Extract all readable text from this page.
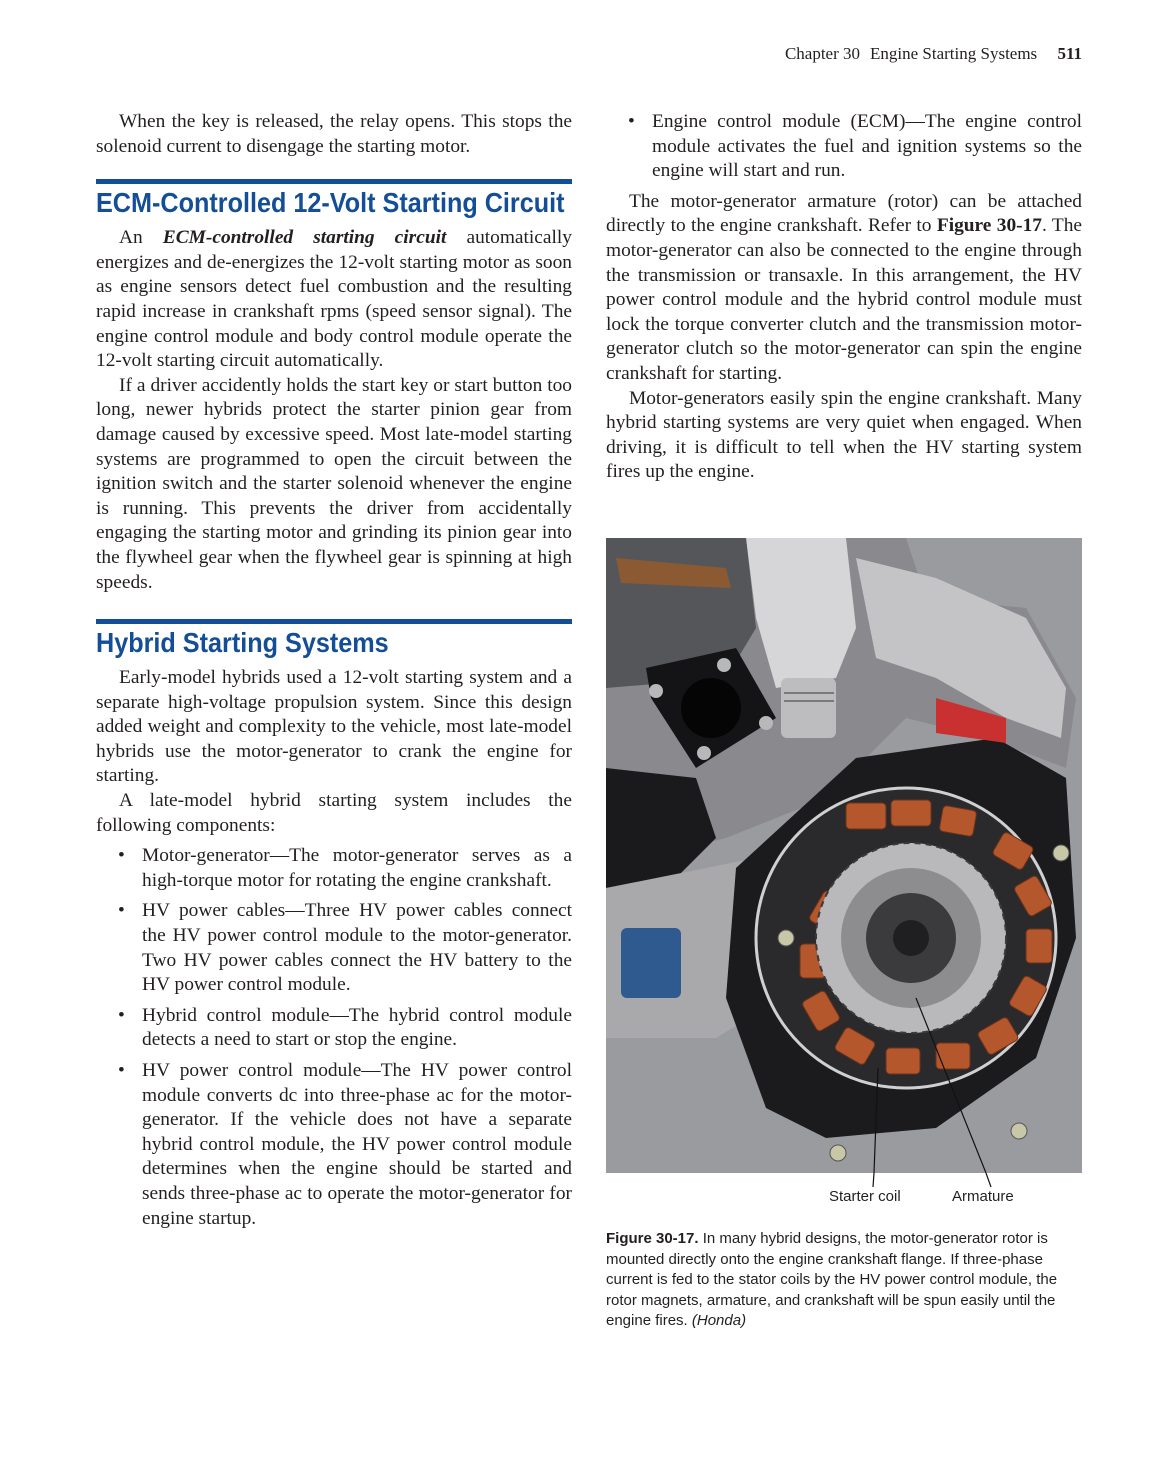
Chapter 30 Engine Starting Systems 511

When the key is released, the relay opens. This stops the solenoid current to disengage the starting motor.

ECM-Controlled 12-Volt Starting Circuit

An ECM-controlled starting circuit automatically energizes and de-energizes the 12-volt starting motor as soon as engine sensors detect fuel combustion and the resulting rapid increase in crankshaft rpms (speed sensor signal). The engine control module and body control module operate the 12-volt starting circuit automatically.

If a driver accidently holds the start key or start button too long, newer hybrids protect the starter pinion gear from damage caused by excessive speed. Most late-model starting systems are programmed to open the circuit between the ignition switch and the starter solenoid whenever the engine is running. This prevents the driver from accidentally engaging the starting motor and grinding its pinion gear into the flywheel gear when the flywheel gear is spinning at high speeds.

Hybrid Starting Systems

Early-model hybrids used a 12-volt starting system and a separate high-voltage propulsion system. Since this design added weight and complexity to the vehicle, most late-model hybrids use the motor-generator to crank the engine for starting.

A late-model hybrid starting system includes the following components:

• Motor-generator—The motor-generator serves as a high-torque motor for rotating the engine crankshaft.
• HV power cables—Three HV power cables connect the HV power control module to the motor-generator. Two HV power cables connect the HV battery to the HV power control module.
• Hybrid control module—The hybrid control module detects a need to start or stop the engine.
• HV power control module—The HV power control module converts dc into three-phase ac for the motor-generator. If the vehicle does not have a separate hybrid control module, the HV power control module determines when the engine should be started and sends three-phase ac to operate the motor-generator for engine startup.
• Engine control module (ECM)—The engine control module activates the fuel and ignition systems so the engine will start and run.

The motor-generator armature (rotor) can be attached directly to the engine crankshaft. Refer to Figure 30-17. The motor-generator can also be connected to the engine through the transmission or transaxle. In this arrangement, the HV power control module and the hybrid control module must lock the torque converter clutch and the transmission motor-generator clutch so the motor-generator can spin the engine crankshaft for starting.

Motor-generators easily spin the engine crankshaft. Many hybrid starting systems are very quiet when engaged. When driving, it is difficult to tell when the HV starting system fires up the engine.

Starter coil	Armature
Figure 30-17. In many hybrid designs, the motor-generator rotor is mounted directly onto the engine crankshaft flange. If three-phase current is fed to the stator coils by the HV power control module, the rotor magnets, armature, and crankshaft will be spun easily until the engine fires. (Honda)
